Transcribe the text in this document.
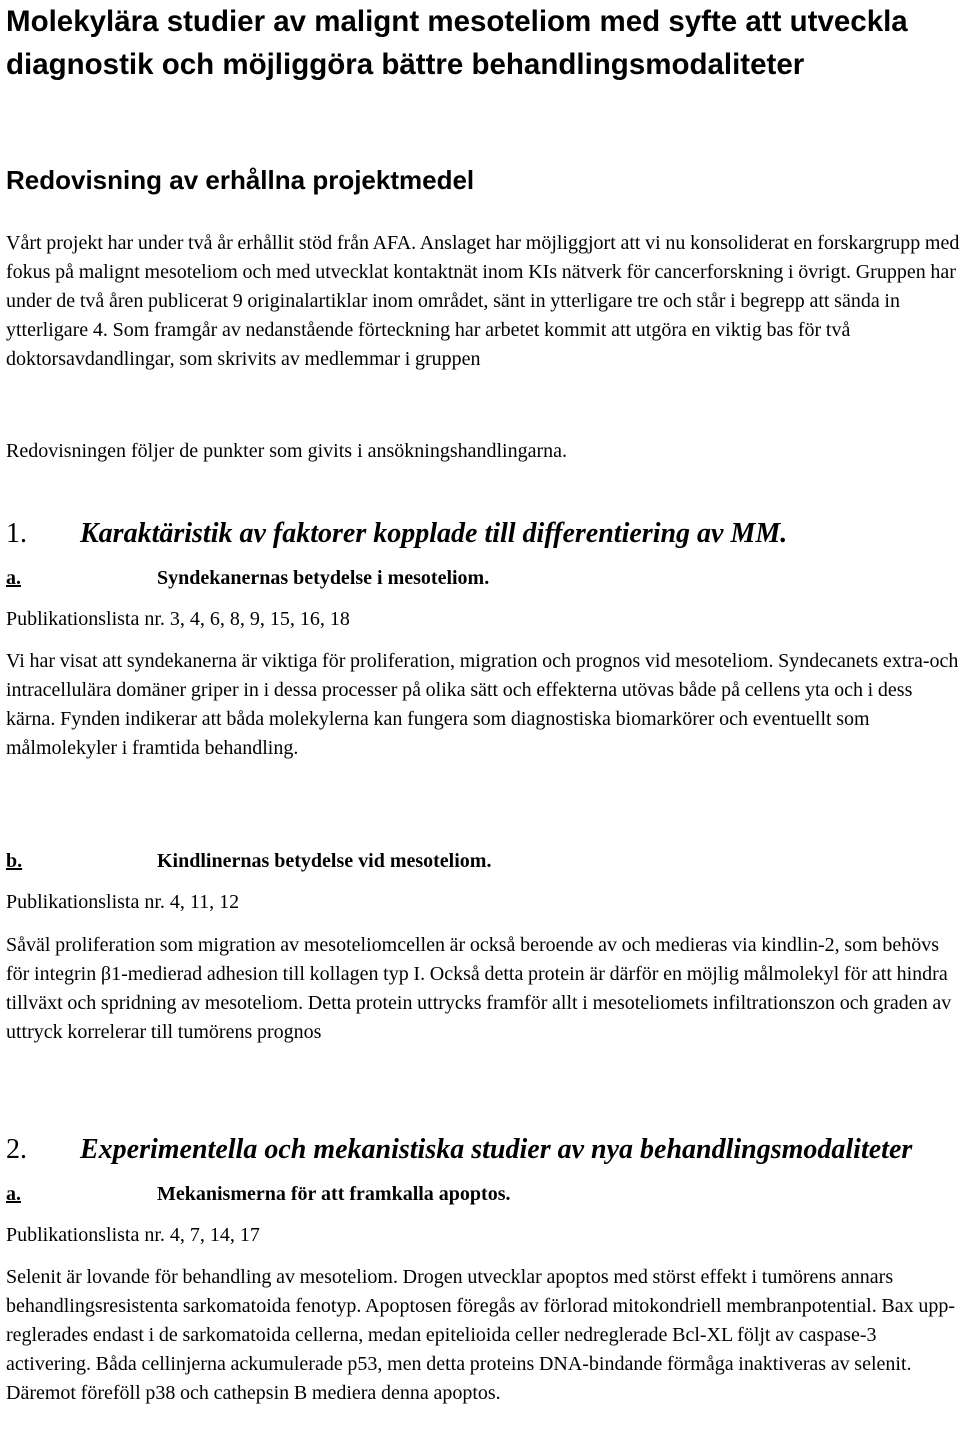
Molekylära studier av malignt mesoteliom med syfte att utveckla diagnostik och möjliggöra bättre behandlingsmodaliteter
Redovisning av erhållna projektmedel
Vårt projekt har under två år erhållit stöd från AFA. Anslaget har möjliggjort att vi nu konsoliderat en forskargrupp med fokus på malignt mesoteliom och med utvecklat kontaktnät inom KIs nätverk för cancerforskning i övrigt. Gruppen har under de två åren publicerat 9 originalartiklar inom området, sänt in ytterligare tre och står i begrepp att sända in ytterligare 4. Som framgår av nedanstående förteckning har arbetet kommit att utgöra en viktig bas för två doktorsavdandlingar, som skrivits av medlemmar i gruppen
Redovisningen följer de punkter som givits i ansökningshandlingarna.
1. Karaktäristik av faktorer kopplade till differentiering av MM.
a.	Syndekanernas betydelse i mesoteliom.
Publikationslista nr. 3, 4, 6, 8, 9, 15, 16, 18
Vi har visat att syndekanerna är viktiga för proliferation, migration och prognos vid mesoteliom. Syndecanets extra-och intracellulära domäner griper in i dessa processer på olika sätt och effekterna utövas både på cellens yta och i dess kärna. Fynden indikerar att båda molekylerna kan fungera som diagnostiska biomarkörer och eventuellt som målmolekyler i framtida behandling.
b.	Kindlinernas betydelse vid mesoteliom.
Publikationslista nr. 4, 11, 12
Såväl proliferation som migration av mesoteliomcellen är också beroende av och medieras via kindlin-2, som behövs för integrin β1-medierad adhesion till kollagen typ I. Också detta protein är därför en möjlig målmolekyl för att hindra tillväxt och spridning av mesoteliom. Detta protein uttrycks framför allt i mesoteliomets infiltrationszon och graden av uttryck korrelerar till tumörens prognos
2. Experimentella och mekanistiska studier av nya behandlingsmodaliteter
a.	Mekanismerna för att framkalla apoptos.
Publikationslista nr. 4, 7, 14, 17
Selenit är lovande för behandling av mesoteliom. Drogen utvecklar apoptos med störst effekt i tumörens annars behandlingsresistenta sarkomatoida fenotyp. Apoptosen föregås av förlorad mitokondriell membranpotential. Bax upp-reglerades endast i de sarkomatoida cellerna, medan epitelioida celler nedreglerade Bcl-XL följt av caspase-3 activering. Båda cellinjerna ackumulerade p53, men detta proteins DNA-bindande förmåga inaktiveras av selenit. Däremot föreföll p38 och cathepsin B mediera denna apoptos.
